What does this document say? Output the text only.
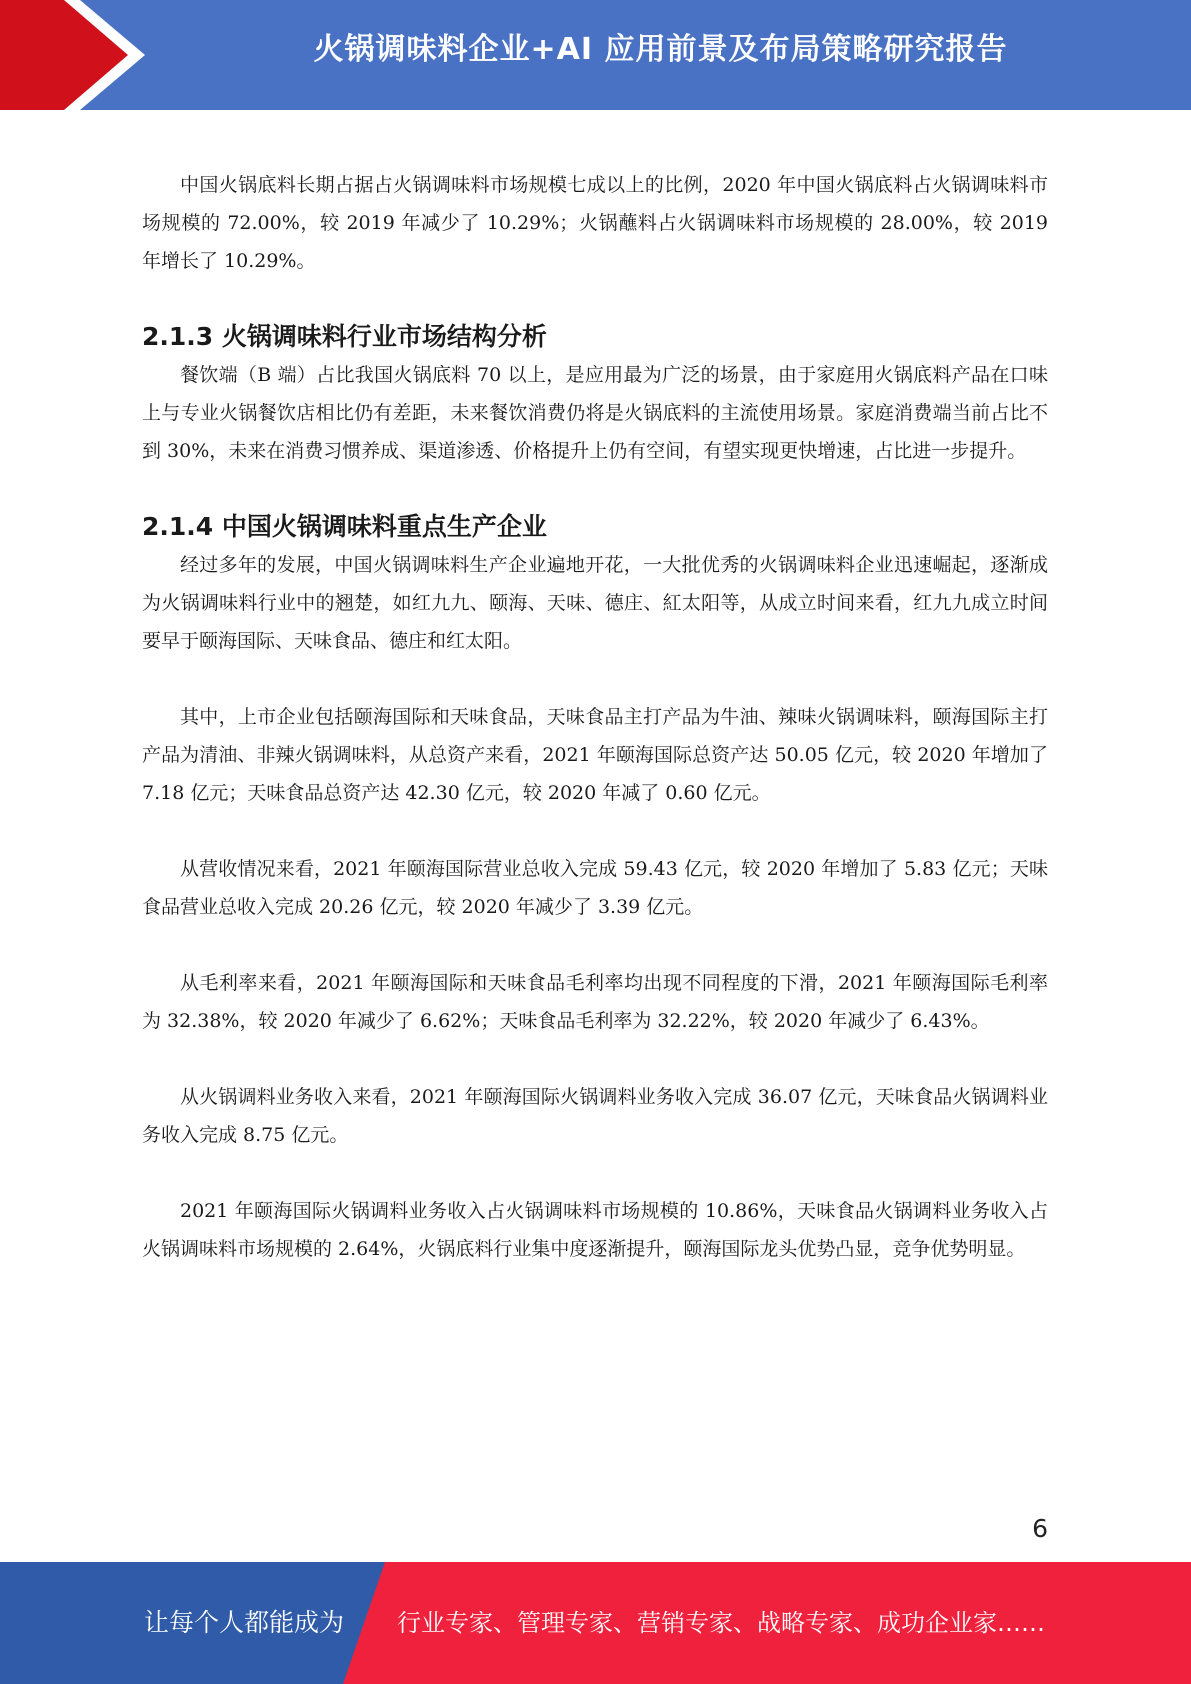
火锅调味料企业+AI 应用前景及布局策略研究报告

中国火锅底料长期占据占火锅调味料市场规模七成以上的比例，2020 年中国火锅底料占火锅调味料市场规模的 72.00%，较 2019 年减少了 10.29%；火锅蘸料占火锅调味料市场规模的 28.00%，较 2019 年增长了 10.29%。

2.1.3 火锅调味料行业市场结构分析

餐饮端（B 端）占比我国火锅底料 70 以上，是应用最为广泛的场景，由于家庭用火锅底料产品在口味上与专业火锅餐饮店相比仍有差距，未来餐饮消费仍将是火锅底料的主流使用场景。家庭消费端当前占比不到 30%，未来在消费习惯养成、渠道渗透、价格提升上仍有空间，有望实现更快增速，占比进一步提升。

2.1.4 中国火锅调味料重点生产企业

经过多年的发展，中国火锅调味料生产企业遍地开花，一大批优秀的火锅调味料企业迅速崛起，逐渐成为火锅调味料行业中的翘楚，如红九九、颐海、天味、德庄、紅太阳等，从成立时间来看，红九九成立时间要早于颐海国际、天味食品、德庄和红太阳。

其中，上市企业包括颐海国际和天味食品，天味食品主打产品为牛油、辣味火锅调味料，颐海国际主打产品为清油、非辣火锅调味料，从总资产来看，2021 年颐海国际总资产达 50.05 亿元，较 2020 年增加了 7.18 亿元；天味食品总资产达 42.30 亿元，较 2020 年减了 0.60 亿元。

从营收情况来看，2021 年颐海国际营业总收入完成 59.43 亿元，较 2020 年增加了 5.83 亿元；天味食品营业总收入完成 20.26 亿元，较 2020 年减少了 3.39 亿元。

从毛利率来看，2021 年颐海国际和天味食品毛利率均出现不同程度的下滑，2021 年颐海国际毛利率为 32.38%，较 2020 年减少了 6.62%；天味食品毛利率为 32.22%，较 2020 年减少了 6.43%。

从火锅调料业务收入来看，2021 年颐海国际火锅调料业务收入完成 36.07 亿元，天味食品火锅调料业务收入完成 8.75 亿元。

2021 年颐海国际火锅调料业务收入占火锅调味料市场规模的 10.86%，天味食品火锅调料业务收入占火锅调味料市场规模的 2.64%，火锅底料行业集中度逐渐提升，颐海国际龙头优势凸显，竞争优势明显。

6
让每个人都能成为 行业专家、管理专家、营销专家、战略专家、成功企业家……
